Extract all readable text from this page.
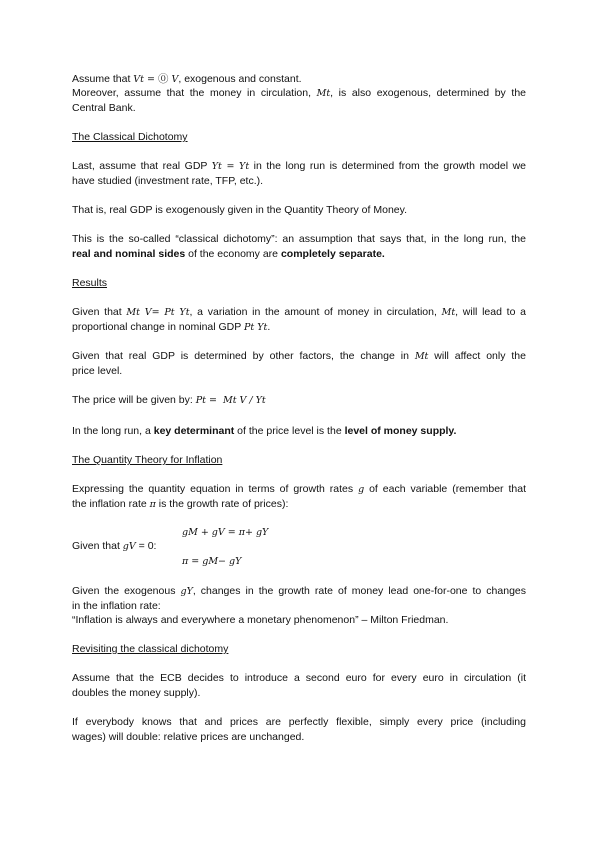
Assume that Vt = ⓪ V, exogenous and constant.
Moreover, assume that the money in circulation, Mt, is also exogenous, determined by the
Central Bank.
The Classical Dichotomy
Last, assume that real GDP Yt = Yt in the long run is determined from the growth model we
have studied (investment rate, TFP, etc.).
That is, real GDP is exogenously given in the Quantity Theory of Money.
This is the so-called “classical dichotomy”: an assumption that says that, in the long run, the
real and nominal sides of the economy are completely separate.
Results
Given that Mt V= Pt Yt, a variation in the amount of money in circulation, Mt, will lead to a
proportional change in nominal GDP Pt Yt.
Given that real GDP is determined by other factors, the change in Mt will affect only the
price level.
The price will be given by: Pt =  Mt V / Yt
In the long run, a key determinant of the price level is the level of money supply.
The Quantity Theory for Inflation
Expressing the quantity equation in terms of growth rates g of each variable (remember that
the inflation rate π is the growth rate of prices):
gM + gV = π+ gY
Given that gV = 0:
π = gM− gY
Given the exogenous gY, changes in the growth rate of money lead one-for-one to changes
in the inflation rate:
“Inflation is always and everywhere a monetary phenomenon” – Milton Friedman.
Revisiting the classical dichotomy
Assume that the ECB decides to introduce a second euro for every euro in circulation (it
doubles the money supply).
If everybody knows that and prices are perfectly flexible, simply every price (including
wages) will double: relative prices are unchanged.
